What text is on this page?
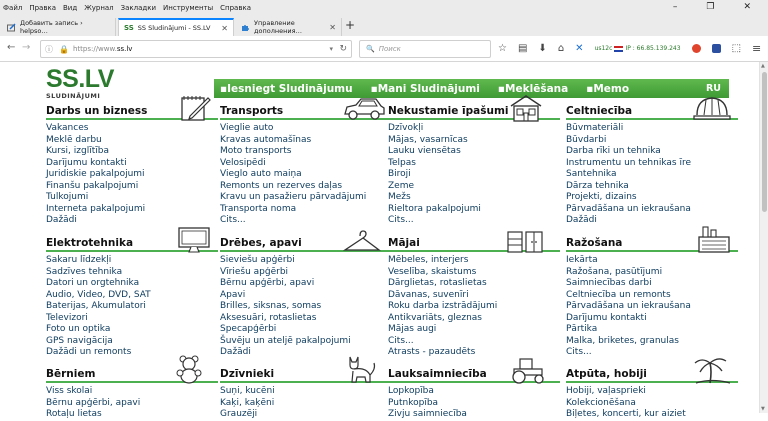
Файл Правка Вид Журнал Закладки Инструменты Справка	–	❐	✕
Добавить запись › helpso…	SS SS Sludinājumi - SS.LV ✕
Управление дополнения…	✕ +
← → ⓘ 🔒 https://www. ss.lv	▾ ↻	🔍 Поиск	☆ ▤ ⬇ ⌂ ✕ us12c IP : 66.85.139.243	⬚ ≡
SS.LV
SLUDINĀJUMI
▪Iesniegt Sludinājumu ▪Mani Sludinājumi ▪Meklēšana ▪Memo	RU
Darbs un bizness
Vakances
Meklē darbu
Kursi, izglītība
Darījumu kontakti
Juridiskie pakalpojumi
Finanšu pakalpojumi
Tulkojumi
Interneta pakalpojumi
Dažādi
Transports
Vieglie auto
Kravas automašīnas
Moto transports
Velosipēdi
Vieglo auto maiņa
Remonts un rezerves daļas
Kravu un pasažieru pārvadājumi
Transporta noma
Cits...
Nekustamie īpašumi
Dzīvokļi
Mājas, vasarnīcas
Lauku viensētas
Telpas
Biroji
Zeme
Mežs
Rieltora pakalpojumi
Cits...
Celtniecība
Būvmateriāli
Būvdarbi
Darba rīki un tehnika
Instrumentu un tehnikas īre
Santehnika
Dārza tehnika
Projekti, dizains
Pārvadāšana un iekraušana
Dažādi
Elektrotehnika
Sakaru līdzekļi
Sadzīves tehnika
Datori un orgtehnika
Audio, Video, DVD, SAT
Baterijas, Akumulatori
Televizori
Foto un optika
GPS navigācija
Dažādi un remonts
Drēbes, apavi
Sieviešu apģērbi
Vīriešu apģērbi
Bērnu apģērbi, apavi
Apavi
Brilles, siksnas, somas
Aksesuāri, rotaslietas
Specapģērbi
Šuvēju un ateljē pakalpojumi
Dažādi
Mājai
Mēbeles, interjers
Veselība, skaistums
Dārglietas, rotaslietas
Dāvanas, suvenīri
Roku darba izstrādājumi
Antikvariāts, gleznas
Mājas augi
Cits...
Atrasts - pazaudēts
Ražošana
Iekārta
Ražošana, pasūtījumi
Saimniecības darbi
Celtniecība un remonts
Pārvadāšana un iekraušana
Darījumu kontakti
Pārtika
Malka, briketes, granulas
Cits...
Bērniem
Viss skolai
Bērnu apģērbi, apavi
Rotaļu lietas
Dzīvnieki
Suņi, kucēni
Kaķi, kaķēni
Grauzēji
Lauksaimniecība
Lopkopība
Putnkopība
Zivju saimniecība
Atpūta, hobiji
Hobiji, vaļasprieki
Kolekcionēšana
Biļetes, koncerti, kur aiziet
▲
▼
